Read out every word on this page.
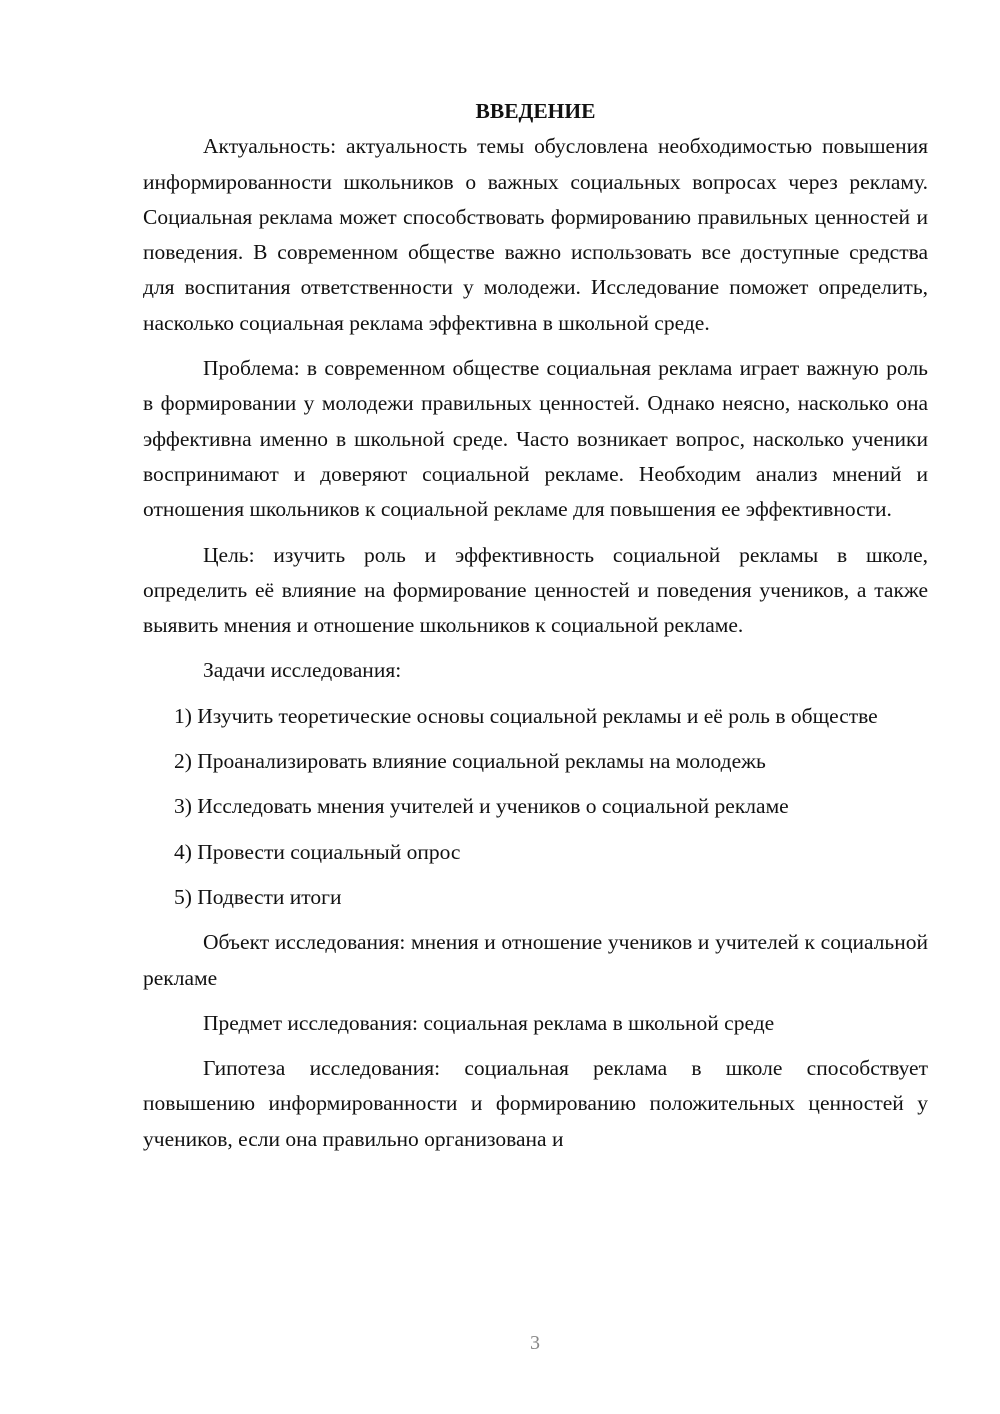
ВВЕДЕНИЕ

Актуальность: актуальность темы обусловлена необходимостью повышения информированности школьников о важных социальных вопросах через рекламу. Социальная реклама может способствовать формированию правильных ценностей и поведения. В современном обществе важно использовать все доступные средства для воспитания ответственности у молодежи. Исследование поможет определить, насколько социальная реклама эффективна в школьной среде.

Проблема: в современном обществе социальная реклама играет важную роль в формировании у молодежи правильных ценностей. Однако неясно, насколько она эффективна именно в школьной среде. Часто возникает вопрос, насколько ученики воспринимают и доверяют социальной рекламе. Необходим анализ мнений и отношения школьников к социальной рекламе для повышения ее эффективности.

Цель: изучить роль и эффективность социальной рекламы в школе, определить её влияние на формирование ценностей и поведения учеников, а также выявить мнения и отношение школьников к социальной рекламе.

Задачи исследования:

1) Изучить теоретические основы социальной рекламы и её роль в обществе

2) Проанализировать влияние социальной рекламы на молодежь

3) Исследовать мнения учителей и учеников о социальной рекламе

4) Провести социальный опрос

5) Подвести итоги

Объект исследования: мнения и отношение учеников и учителей к социальной рекламе

Предмет исследования: социальная реклама в школьной среде

Гипотеза исследования: социальная реклама в школе способствует повышению информированности и формированию положительных ценностей у учеников, если она правильно организована и

3
